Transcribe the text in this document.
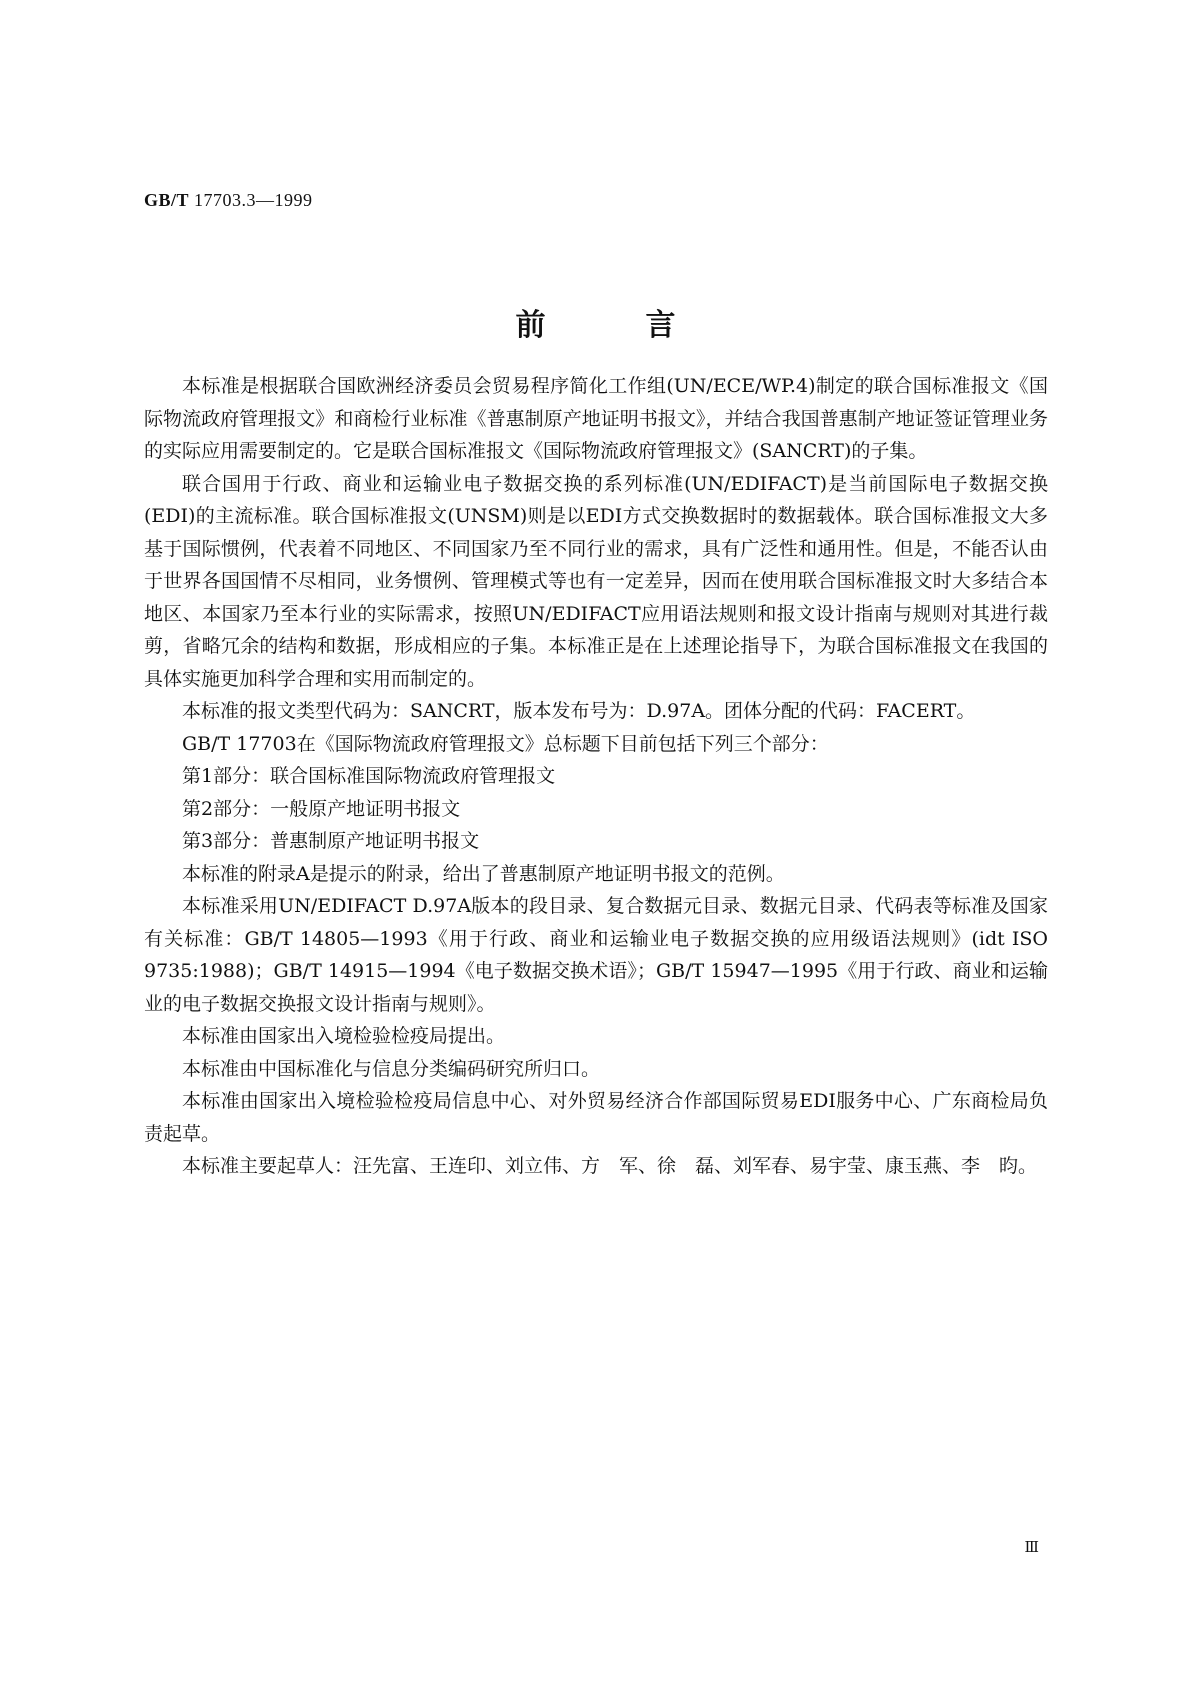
GB/T 17703.3—1999
前言

本标准是根据联合国欧洲经济委员会贸易程序简化工作组(UN/ECE/WP.4)制定的联合国标准报文《国际物流政府管理报文》和商检行业标准《普惠制原产地证明书报文》，并结合我国普惠制产地证签证管理业务的实际应用需要制定的。它是联合国标准报文《国际物流政府管理报文》(SANCRT)的子集。

联合国用于行政、商业和运输业电子数据交换的系列标准(UN/EDIFACT)是当前国际电子数据交换(EDI)的主流标准。联合国标准报文(UNSM)则是以EDI方式交换数据时的数据载体。联合国标准报文大多基于国际惯例，代表着不同地区、不同国家乃至不同行业的需求，具有广泛性和通用性。但是，不能否认由于世界各国国情不尽相同，业务惯例、管理模式等也有一定差异，因而在使用联合国标准报文时大多结合本地区、本国家乃至本行业的实际需求，按照UN/EDIFACT应用语法规则和报文设计指南与规则对其进行裁剪，省略冗余的结构和数据，形成相应的子集。本标准正是在上述理论指导下，为联合国标准报文在我国的具体实施更加科学合理和实用而制定的。

本标准的报文类型代码为：SANCRT，版本发布号为：D.97A。团体分配的代码：FACERT。

GB/T 17703在《国际物流政府管理报文》总标题下目前包括下列三个部分：

第1部分：联合国标准国际物流政府管理报文

第2部分：一般原产地证明书报文

第3部分：普惠制原产地证明书报文

本标准的附录A是提示的附录，给出了普惠制原产地证明书报文的范例。

本标准采用UN/EDIFACT D.97A版本的段目录、复合数据元目录、数据元目录、代码表等标准及国家有关标准：GB/T 14805—1993《用于行政、商业和运输业电子数据交换的应用级语法规则》(idt ISO 9735:1988)；GB/T 14915—1994《电子数据交换术语》；GB/T 15947—1995《用于行政、商业和运输业的电子数据交换报文设计指南与规则》。

本标准由国家出入境检验检疫局提出。

本标准由中国标准化与信息分类编码研究所归口。

本标准由国家出入境检验检疫局信息中心、对外贸易经济合作部国际贸易EDI服务中心、广东商检局负责起草。

本标准主要起草人：汪先富、王连印、刘立伟、方　军、徐　磊、刘军春、易宇莹、康玉燕、李　昀。

Ⅲ
